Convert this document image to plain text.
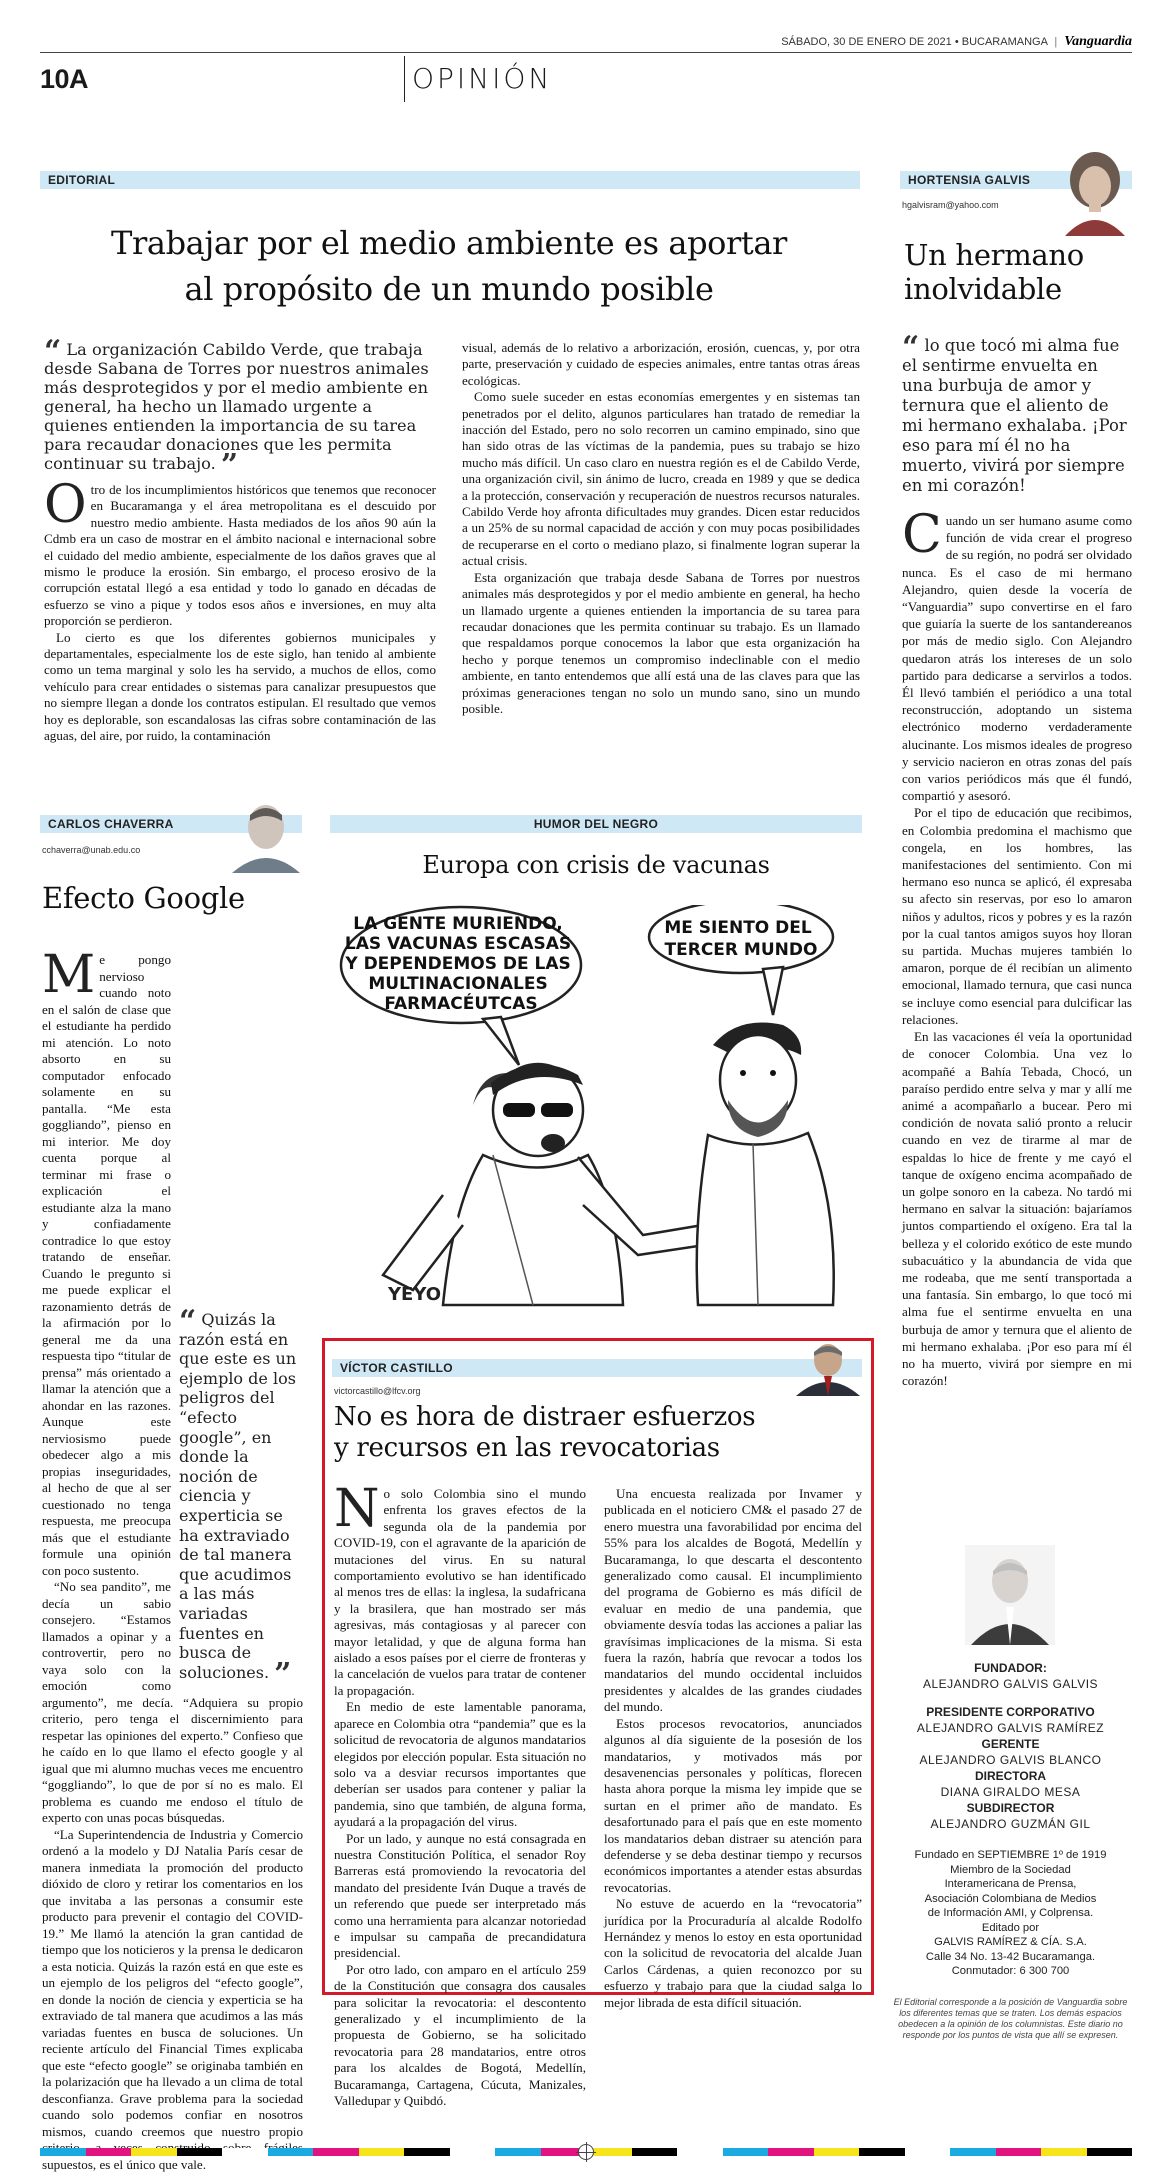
SÁBADO, 30 DE ENERO DE 2021 • BUCARAMANGA | Vanguardia
10A	OPINIÓN
EDITORIAL
Trabajar por el medio ambiente es aportar
al propósito de un mundo posible
“ La organización Cabildo Verde, que trabaja desde Sabana de Torres por nuestros animales más desprotegidos y por el medio ambiente en general, ha hecho un llamado urgente a quienes entienden la importancia de su tarea para recaudar donaciones que les permita continuar su trabajo. ”

Otro de los incumplimientos históricos que tenemos que reconocer en Bucaramanga y el área metropolitana es el descuido por nuestro medio ambiente. Hasta mediados de los años 90 aún la Cdmb era un caso de mostrar en el ámbito nacional e internacional sobre el cuidado del medio ambiente, especialmente de los daños graves que al mismo le produce la erosión. Sin embargo, el proceso erosivo de la corrupción estatal llegó a esa entidad y todo lo ganado en décadas de esfuerzo se vino a pique y todos esos años e inversiones, en muy alta proporción se perdieron.

Lo cierto es que los diferentes gobiernos municipales y departamentales, especialmente los de este siglo, han tenido al ambiente como un tema marginal y solo les ha servido, a muchos de ellos, como vehículo para crear entidades o sistemas para canalizar presupuestos que no siempre llegan a donde los contratos estipulan. El resultado que vemos hoy es deplorable, son escandalosas las cifras sobre contaminación de las aguas, del aire, por ruido, la contaminación

visual, además de lo relativo a arborización, erosión, cuencas, y, por otra parte, preservación y cuidado de especies animales, entre tantas otras áreas ecológicas.

Como suele suceder en estas economías emergentes y en sistemas tan penetrados por el delito, algunos particulares han tratado de remediar la inacción del Estado, pero no solo recorren un camino empinado, sino que han sido otras de las víctimas de la pandemia, pues su trabajo se hizo mucho más difícil. Un caso claro en nuestra región es el de Cabildo Verde, una organización civil, sin ánimo de lucro, creada en 1989 y que se dedica a la protección, conservación y recuperación de nuestros recursos naturales. Cabildo Verde hoy afronta dificultades muy grandes. Dicen estar reducidos a un 25% de su normal capacidad de acción y con muy pocas posibilidades de recuperarse en el corto o mediano plazo, si finalmente logran superar la actual crisis.

Esta organización que trabaja desde Sabana de Torres por nuestros animales más desprotegidos y por el medio ambiente en general, ha hecho un llamado urgente a quienes entienden la importancia de su tarea para recaudar donaciones que les permita continuar su trabajo. Es un llamado que respaldamos porque conocemos la labor que esta organización ha hecho y porque tenemos un compromiso indeclinable con el medio ambiente, en tanto entendemos que allí está una de las claves para que las próximas generaciones tengan no solo un mundo sano, sino un mundo posible.

HORTENSIA GALVIS
hgalvisram@yahoo.com
Un hermano
inolvidable
“ lo que tocó mi alma fue el sentirme envuelta en una burbuja de amor y ternura que el aliento de mi hermano exhalaba. ¡Por eso para mí él no ha muerto, vivirá por siempre en mi corazón!

Cuando un ser humano asume como función de vida crear el progreso de su región, no podrá ser olvidado nunca. Es el caso de mi hermano Alejandro, quien desde la vocería de “Vanguardia” supo convertirse en el faro que guiaría la suerte de los santandereanos por más de medio siglo. Con Alejandro quedaron atrás los intereses de un solo partido para dedicarse a servirlos a todos. Él llevó también el periódico a una total reconstrucción, adoptando un sistema electrónico moderno verdaderamente alucinante. Los mismos ideales de progreso y servicio nacieron en otras zonas del país con varios periódicos más que él fundó, compartió y asesoró.

Por el tipo de educación que recibimos, en Colombia predomina el machismo que congela, en los hombres, las manifestaciones del sentimiento. Con mi hermano eso nunca se aplicó, él expresaba su afecto sin reservas, por eso lo amaron niños y adultos, ricos y pobres y es la razón por la cual tantos amigos suyos hoy lloran su partida. Muchas mujeres también lo amaron, porque de él recibían un alimento emocional, llamado ternura, que casi nunca se incluye como esencial para dulcificar las relaciones.

En las vacaciones él veía la oportunidad de conocer Colombia. Una vez lo acompañé a Bahía Tebada, Chocó, un paraíso perdido entre selva y mar y allí me animé a acompañarlo a bucear. Pero mi condición de novata salió pronto a relucir cuando en vez de tirarme al mar de espaldas lo hice de frente y me cayó el tanque de oxígeno encima acompañado de un golpe sonoro en la cabeza. No tardó mi hermano en salvar la situación: bajaríamos juntos compartiendo el oxígeno. Era tal la belleza y el colorido exótico de este mundo subacuático y la abundancia de vida que me rodeaba, que me sentí transportada a una fantasía. Sin embargo, lo que tocó mi alma fue el sentirme envuelta en una burbuja de amor y ternura que el aliento de mi hermano exhalaba. ¡Por eso para mí él no ha muerto, vivirá por siempre en mi corazón!

CARLOS CHAVERRA
cchaverra@unab.edu.co
Efecto Google
“ Quizás la razón está en que este es un ejemplo de los peligros del “efecto google”, en donde la noción de ciencia y experticia se ha extraviado de tal manera que acudimos a las más variadas fuentes en busca de soluciones. ”

Me pongo nervioso cuando noto en el salón de clase que el estudiante ha perdido mi atención. Lo noto absorto en su computador enfocado solamente en su pantalla. “Me esta goggliando”, pienso en mi interior. Me doy cuenta porque al terminar mi frase o explicación el estudiante alza la mano y confiadamente contradice lo que estoy tratando de enseñar. Cuando le pregunto si me puede explicar el razonamiento detrás de la afirmación por lo general me da una respuesta tipo “titular de prensa” más orientado a llamar la atención que a ahondar en las razones. Aunque este nerviosismo puede obedecer algo a mis propias inseguridades, al hecho de que al ser cuestionado no tenga respuesta, me preocupa más que el estudiante formule una opinión con poco sustento.

“No sea pandito”, me decía un sabio consejero. “Estamos llamados a opinar y a controvertir, pero no vaya solo con la emoción como argumento”, me decía. “Adquiera su propio criterio, pero tenga el discernimiento para respetar las opiniones del experto.” Confieso que he caído en lo que llamo el efecto google y al igual que mi alumno muchas veces me encuentro “goggliando”, lo que de por sí no es malo. El problema es cuando me endoso el título de experto con unas pocas búsquedas.

“La Superintendencia de Industria y Comercio ordenó a la modelo y DJ Natalia París cesar de manera inmediata la promoción del producto dióxido de cloro y retirar los comentarios en los que invitaba a las personas a consumir este producto para prevenir el contagio del COVID-19.” Me llamó la atención la gran cantidad de tiempo que los noticieros y la prensa le dedicaron a esta noticia. Quizás la razón está en que este es un ejemplo de los peligros del “efecto google”, en donde la noción de ciencia y experticia se ha extraviado de tal manera que acudimos a las más variadas fuentes en busca de soluciones. Un reciente artículo del Financial Times explicaba que este “efecto google” se originaba también en la polarización que ha llevado a un clima de total desconfianza. Grave problema para la sociedad cuando solo podemos confiar en nosotros mismos, cuando creemos que nuestro propio supuestos, es el único que vale.

HUMOR DEL NEGRO
Europa con crisis de vacunas
LA GENTE MURIENDO, LAS VACUNAS ESCASAS Y DEPENDEMOS DE LAS MULTINACIONALES FARMACÉUTCAS
ME SIENTO DEL TERCER MUNDO
YEYO
VÍCTOR CASTILLO
victorcastillo@lfcv.org
No es hora de distraer esfuerzos
y recursos en las revocatorias

No solo Colombia sino el mundo enfrenta los graves efectos de la segunda ola de la pandemia por COVID-19, con el agravante de la aparición de mutaciones del virus. En su natural comportamiento evolutivo se han identificado al menos tres de ellas: la inglesa, la sudafricana y la brasilera, que han mostrado ser más agresivas, más contagiosas y al parecer con mayor letalidad, y que de alguna forma han aislado a esos países por el cierre de fronteras y la cancelación de vuelos para tratar de contener la propagación.

En medio de este lamentable panorama, aparece en Colombia otra “pandemia” que es la solicitud de revocatoria de algunos mandatarios elegidos por elección popular. Esta situación no solo va a desviar recursos importantes que deberían ser usados para contener y paliar la pandemia, sino que también, de alguna forma, ayudará a la propagación del virus.

Por un lado, y aunque no está consagrada en nuestra Constitución Política, el senador Roy Barreras está promoviendo la revocatoria del mandato del presidente Iván Duque a través de un referendo que puede ser interpretado más como una herramienta para alcanzar notoriedad e impulsar su campaña de precandidatura presidencial.

Por otro lado, con amparo en el artículo 259 de la Constitución que consagra dos causales para solicitar la revocatoria: el descontento generalizado y el incumplimiento de la propuesta de Gobierno, se ha solicitado revocatoria para 28 mandatarios, entre otros para los alcaldes de Bogotá, Medellín, Bucaramanga, Cartagena, Cúcuta, Manizales, Valledupar y Quibdó.

Una encuesta realizada por Invamer y publicada en el noticiero CM& el pasado 27 de enero muestra una favorabilidad por encima del 55% para los alcaldes de Bogotá, Medellín y Bucaramanga, lo que descarta el descontento generalizado como causal. El incumplimiento del programa de Gobierno es más difícil de evaluar en medio de una pandemia, que obviamente desvía todas las acciones a paliar las gravísimas implicaciones de la misma. Si esta fuera la razón, habría que revocar a todos los mandatarios del mundo occidental incluidos presidentes y alcaldes de las grandes ciudades del mundo.

Estos procesos revocatorios, anunciados algunos al día siguiente de la posesión de los mandatarios, y motivados más por desavenencias personales y políticas, florecen hasta ahora porque la misma ley impide que se surtan en el primer año de mandato. Es desafortunado para el país que en este momento los mandatarios deban distraer su atención para defenderse y se deba destinar tiempo y recursos económicos importantes a atender estas absurdas revocatorias.

No estuve de acuerdo en la “revocatoria” jurídica por la Procuraduría al alcalde Rodolfo Hernández y menos lo estoy en esta oportunidad con la solicitud de revocatoria del alcalde Juan Carlos Cárdenas, a quien reconozco por su esfuerzo y trabajo para que la ciudad salga lo mejor librada de esta difícil situación.

FUNDADOR:
ALEJANDRO GALVIS GALVIS
PRESIDENTE CORPORATIVO
ALEJANDRO GALVIS RAMÍREZ
GERENTE
ALEJANDRO GALVIS BLANCO
DIRECTORA
DIANA GIRALDO MESA
SUBDIRECTOR
ALEJANDRO GUZMÁN GIL
Fundado en SEPTIEMBRE 1º de 1919
Miembro de la Sociedad
Interamericana de Prensa,
Asociación Colombiana de Medios
de Información AMI, y Colprensa.
Editado por
GALVIS RAMÍREZ & CÍA. S.A.
Calle 34 No. 13-42 Bucaramanga.
Conmutador: 6 300 700
El Editorial corresponde a la posición de Vanguardia sobre los diferentes temas que se traten. Los demás espacios obedecen a la opinión de los columnistas. Este diario no responde por los puntos de vista que allí se expresen.
